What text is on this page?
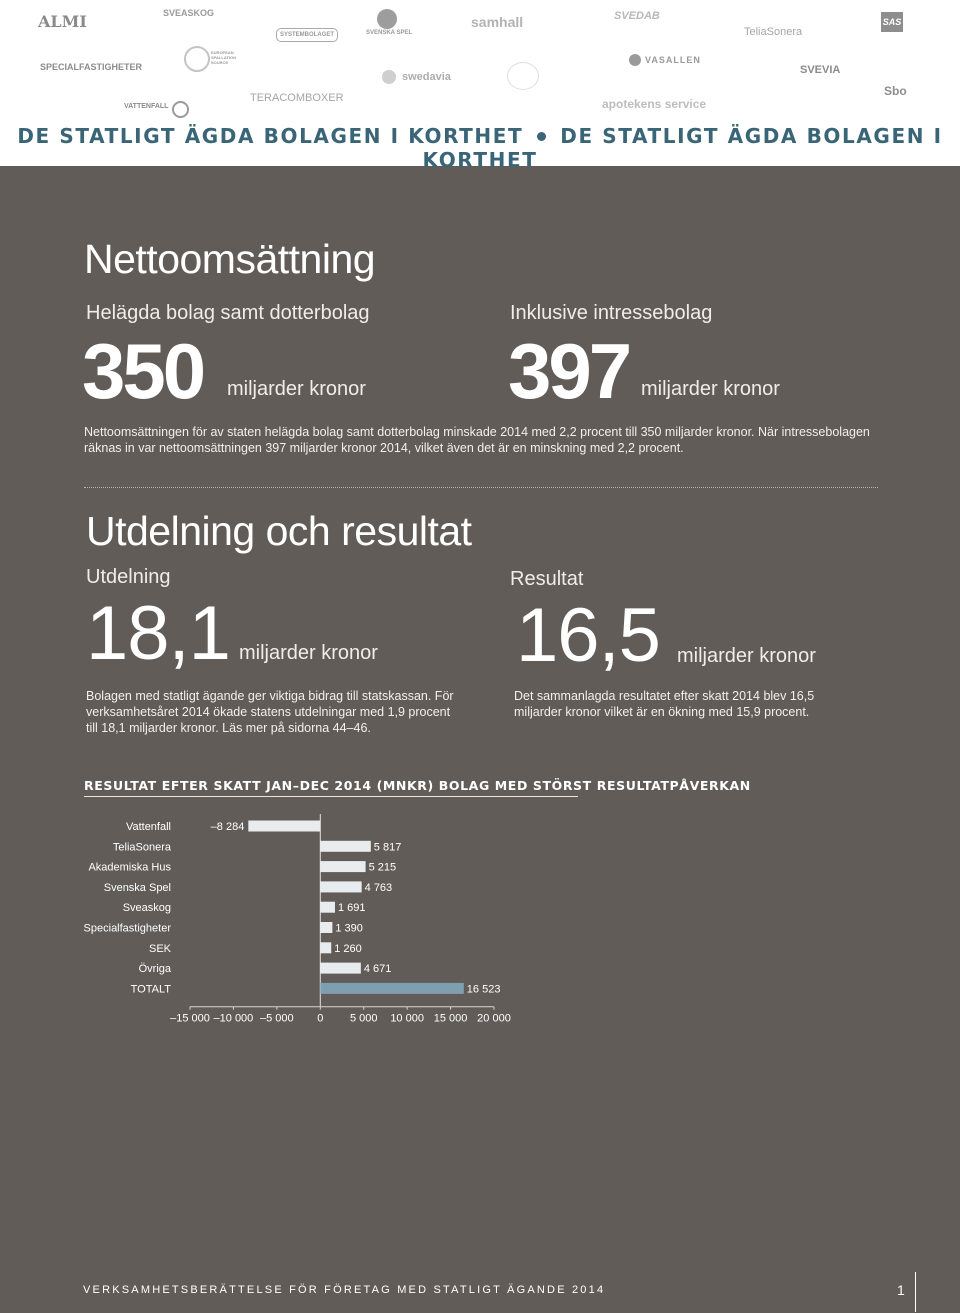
ALMI	SVEASKOG
SYSTEMBOLAGET	SVENSKA SPEL
samhall	SVEDAB
TeliaSonera
SAS
SPECIALFASTIGHETER
EUROPEAN SPALLATION SOURCE
swedavia
VASALLEN
SVEVIA
Sbo
VATTENFALL
TERACOMBOXER	apotekens service
DE STATLIGT ÄGDA BOLAGEN I KORTHET DE STATLIGT ÄGDA BOLAGEN I KORTHET
Nettoomsättning
Helägda bolag samt dotterbolag	Inklusive intressebolag
350 miljarder kronor 397 miljarder kronor
Nettoomsättningen för av staten helägda bolag samt dotterbolag minskade 2014 med 2,2 procent till 350 miljarder kronor. När intressebolagen
räknas in var nettoomsättningen 397 miljarder kronor 2014, vilket även det är en minskning med 2,2 procent.
Utdelning och resultat
Utdelning	Resultat
18,1 miljarder kronor 16,5 miljarder kronor
Bolagen med statligt ägande ger viktiga bidrag till statskassan. För
verksamhetsåret 2014 ökade statens utdelningar med 1,9 procent
till 18,1 miljarder kronor. Läs mer på sidorna 44–46.
Det sammanlagda resultatet efter skatt 2014 blev 16,5
miljarder kronor vilket är en ökning med 15,9 procent.
RESULTAT EFTER SKATT JAN–DEC 2014 (MNKR) BOLAG MED STÖRST RESULTATPÅVERKAN
Vattenfall	–8 284
TeliaSonera	5 817
Akademiska Hus	5 215
Svenska Spel	4 763
Sveaskog	1 691
Specialfastigheter	1 390
SEK	1 260
Övriga	4 671
TOTALT	16 523
–15 000 –10 000 –5 000 0 5 000 10 000 15 000 20 000
VERKSAMHETSBERÄTTELSE FÖR FÖRETAG MED STATLIGT ÄGANDE 2014	1
